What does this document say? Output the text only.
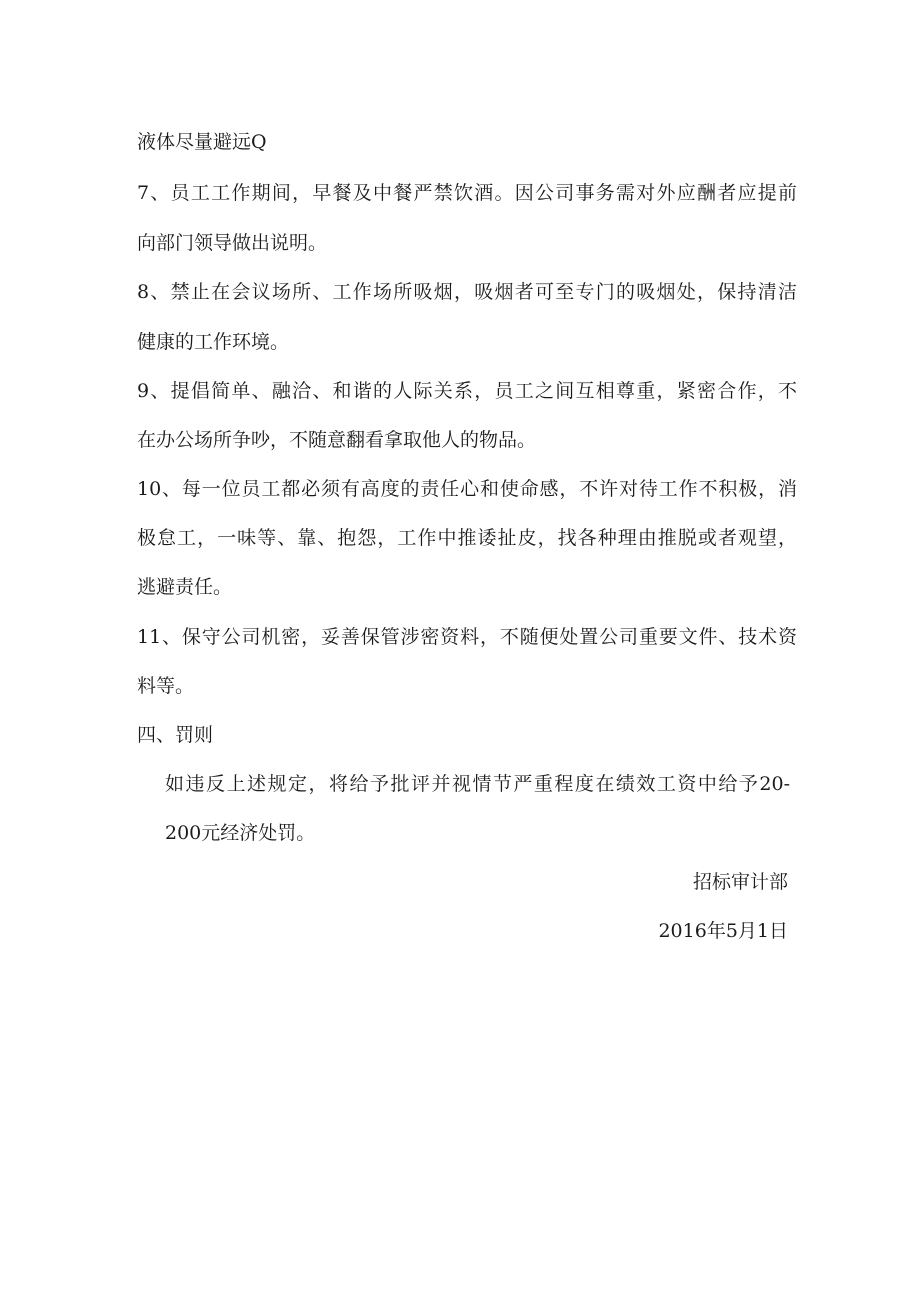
液体尽量避远Q
7、员工工作期间，早餐及中餐严禁饮酒。因公司事务需对外应酬者应提前
向部门领导做出说明。
8、禁止在会议场所、工作场所吸烟，吸烟者可至专门的吸烟处，保持清洁
健康的工作环境。
9、提倡简单、融洽、和谐的人际关系，员工之间互相尊重，紧密合作，不
在办公场所争吵，不随意翻看拿取他人的物品。
10、每一位员工都必须有高度的责任心和使命感，不许对待工作不积极，消
极怠工，一味等、靠、抱怨，工作中推诿扯皮，找各种理由推脱或者观望，
逃避责任。
11、保守公司机密，妥善保管涉密资料，不随便处置公司重要文件、技术资
料等。
四、罚则
如违反上述规定，将给予批评并视情节严重程度在绩效工资中给予20-
200元经济处罚。
招标审计部
2016年5月1日
